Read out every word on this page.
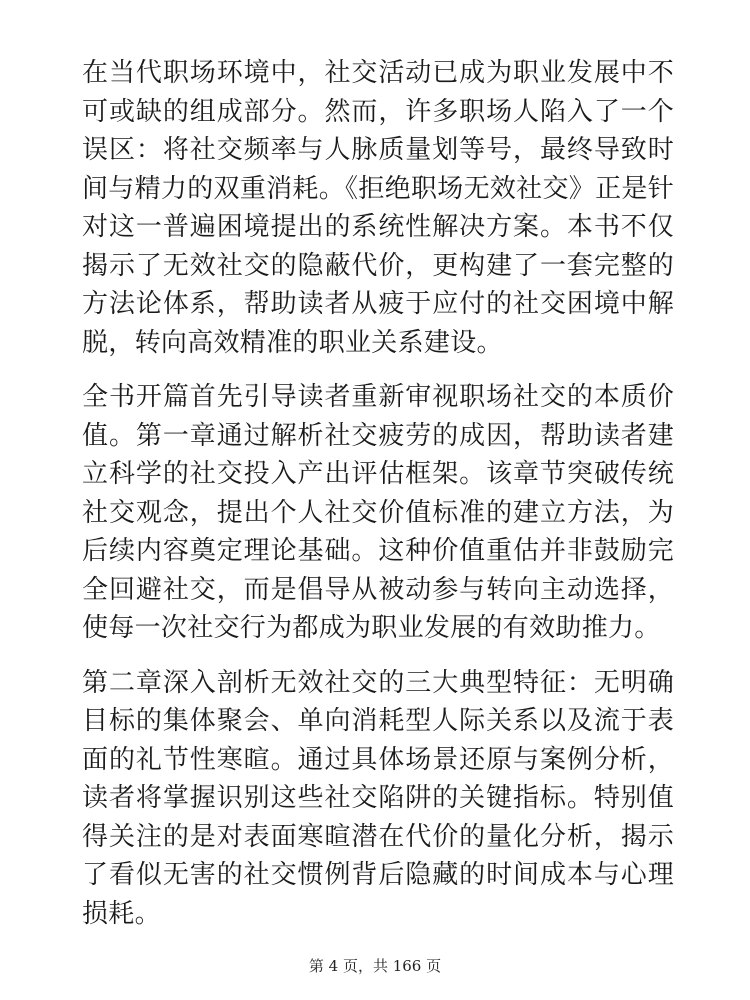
在当代职场环境中，社交活动已成为职业发展中不可或缺的组成部分。然而，许多职场人陷入了一个误区：将社交频率与人脉质量划等号，最终导致时间与精力的双重消耗。《拒绝职场无效社交》正是针对这一普遍困境提出的系统性解决方案。本书不仅揭示了无效社交的隐蔽代价，更构建了一套完整的方法论体系，帮助读者从疲于应付的社交困境中解脱，转向高效精准的职业关系建设。

全书开篇首先引导读者重新审视职场社交的本质价值。第一章通过解析社交疲劳的成因，帮助读者建立科学的社交投入产出评估框架。该章节突破传统社交观念，提出个人社交价值标准的建立方法，为后续内容奠定理论基础。这种价值重估并非鼓励完全回避社交，而是倡导从被动参与转向主动选择，使每一次社交行为都成为职业发展的有效助推力。

第二章深入剖析无效社交的三大典型特征：无明确目标的集体聚会、单向消耗型人际关系以及流于表面的礼节性寒暄。通过具体场景还原与案例分析，读者将掌握识别这些社交陷阱的关键指标。特别值得关注的是对表面寒暄潜在代价的量化分析，揭示了看似无害的社交惯例背后隐藏的时间成本与心理损耗。

第 4 页，共 166 页
